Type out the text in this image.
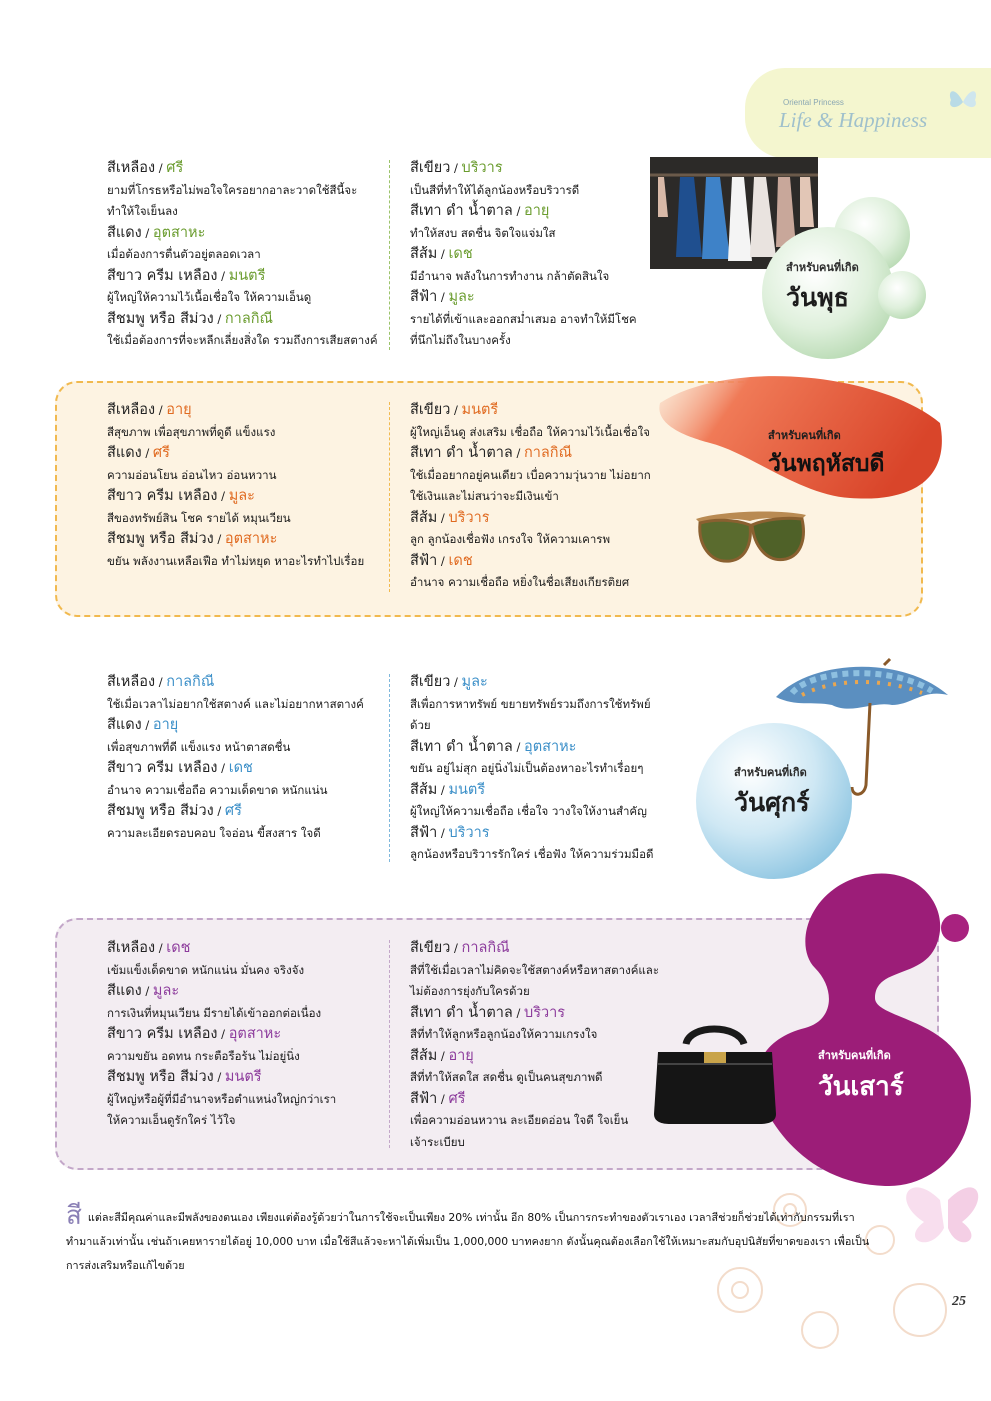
Oriental Princess
Life & Happiness
สีเหลือง / ศรี
ยามที่โกรธหรือไม่พอใจใครอยากอาละวาดใช้สีนี้จะ
ทำให้ใจเย็นลง
สีแดง / อุตสาหะ
เมื่อต้องการตื่นตัวอยู่ตลอดเวลา
สีขาว ครีม เหลือง / มนตรี
ผู้ใหญ่ให้ความไว้เนื้อเชื่อใจ ให้ความเอ็นดู
สีชมพู หรือ สีม่วง / กาลกิณี
ใช้เมื่อต้องการที่จะหลีกเลี่ยงสิ่งใด รวมถึงการเสียสตางค์
สีเขียว / บริวาร
เป็นสีที่ทำให้ได้ลูกน้องหรือบริวารดี
สีเทา ดำ น้ำตาล / อายุ
ทำให้สงบ สดชื่น จิตใจแจ่มใส
สีส้ม / เดช
มีอำนาจ พลังในการทำงาน กล้าตัดสินใจ
สีฟ้า / มูละ
รายได้ที่เข้าและออกสม่ำเสมอ อาจทำให้มีโชค
ที่นึกไม่ถึงในบางครั้ง
สำหรับคนที่เกิด
วันพุธ
สำหรับคนที่เกิด
วันพฤหัสบดี
สีเหลือง / อายุ
สีสุขภาพ เพื่อสุขภาพที่ดูดี แข็งแรง
สีแดง / ศรี
ความอ่อนโยน อ่อนไหว อ่อนหวาน
สีขาว ครีม เหลือง / มูละ
สีของทรัพย์สิน โชค รายได้ หมุนเวียน
สีชมพู หรือ สีม่วง / อุตสาหะ
ขยัน พลังงานเหลือเฟือ ทำไม่หยุด หาอะไรทำไปเรื่อย
สีเขียว / มนตรี
ผู้ใหญ่เอ็นดู ส่งเสริม เชื่อถือ ให้ความไว้เนื้อเชื่อใจ
สีเทา ดำ น้ำตาล / กาลกิณี
ใช้เมื่ออยากอยู่คนเดียว เบื่อความวุ่นวาย ไม่อยาก
ใช้เงินและไม่สนว่าจะมีเงินเข้า
สีส้ม / บริวาร
ลูก ลูกน้องเชื่อฟัง เกรงใจ ให้ความเคารพ
สีฟ้า / เดช
อำนาจ ความเชื่อถือ หยิ่งในชื่อเสียงเกียรติยศ
สีเหลือง / กาลกิณี
ใช้เมื่อเวลาไม่อยากใช้สตางค์ และไม่อยากหาสตางค์
สีแดง / อายุ
เพื่อสุขภาพที่ดี แข็งแรง หน้าตาสดชื่น
สีขาว ครีม เหลือง / เดช
อำนาจ ความเชื่อถือ ความเด็ดขาด หนักแน่น
สีชมพู หรือ สีม่วง / ศรี
ความละเอียดรอบคอบ ใจอ่อน ขี้สงสาร ใจดี
สีเขียว / มูละ
สีเพื่อการหาทรัพย์ ขยายทรัพย์รวมถึงการใช้ทรัพย์
ด้วย
สีเทา ดำ น้ำตาล / อุตสาหะ
ขยัน อยู่ไม่สุก อยู่นิ่งไม่เป็นต้องหาอะไรทำเรื่อยๆ
สีส้ม / มนตรี
ผู้ใหญ่ให้ความเชื่อถือ เชื่อใจ วางใจให้งานสำคัญ
สีฟ้า / บริวาร
ลูกน้องหรือบริวารรักใคร่ เชื่อฟัง ให้ความร่วมมือดี
สำหรับคนที่เกิด
วันศุกร์
สำหรับคนที่เกิด
วันเสาร์
สีเหลือง / เดช
เข้มแข็งเด็ดขาด หนักแน่น มั่นคง จริงจัง
สีแดง / มูละ
การเงินที่หมุนเวียน มีรายได้เข้าออกต่อเนื่อง
สีขาว ครีม เหลือง / อุตสาหะ
ความขยัน อดทน กระตือรือร้น ไม่อยู่นิ่ง
สีชมพู หรือ สีม่วง / มนตรี
ผู้ใหญ่หรือผู้ที่มีอำนาจหรือตำแหน่งใหญ่กว่าเรา
ให้ความเอ็นดูรักใคร่ ไว้ใจ
สีเขียว / กาลกิณี
สีที่ใช้เมื่อเวลาไม่คิดจะใช้สตางค์หรือหาสตางค์และ
ไม่ต้องการยุ่งกับใครด้วย
สีเทา ดำ น้ำตาล / บริวาร
สีที่ทำให้ลูกหรือลูกน้องให้ความเกรงใจ
สีส้ม / อายุ
สีที่ทำให้สดใส สดชื่น ดูเป็นคนสุขภาพดี
สีฟ้า / ศรี
เพื่อความอ่อนหวาน ละเอียดอ่อน ใจดี ใจเย็น
เจ้าระเบียบ
สีแต่ละสีมีคุณค่าและมีพลังของตนเอง เพียงแต่ต้องรู้ด้วยว่าในการใช้จะเป็นเพียง 20% เท่านั้น อีก 80% เป็นการกระทำของตัวเราเอง เวลาสีช่วยก็ช่วยได้เท่ากับกรรมที่เรา
ทำมาแล้วเท่านั้น เช่นถ้าเคยหารายได้อยู่ 10,000 บาท เมื่อใช้สีแล้วจะหาได้เพิ่มเป็น 1,000,000 บาทคงยาก ดังนั้นคุณต้องเลือกใช้ให้เหมาะสมกับอุปนิสัยที่ขาดของเรา เพื่อเป็น
การส่งเสริมหรือแก้ไขด้วย
25
